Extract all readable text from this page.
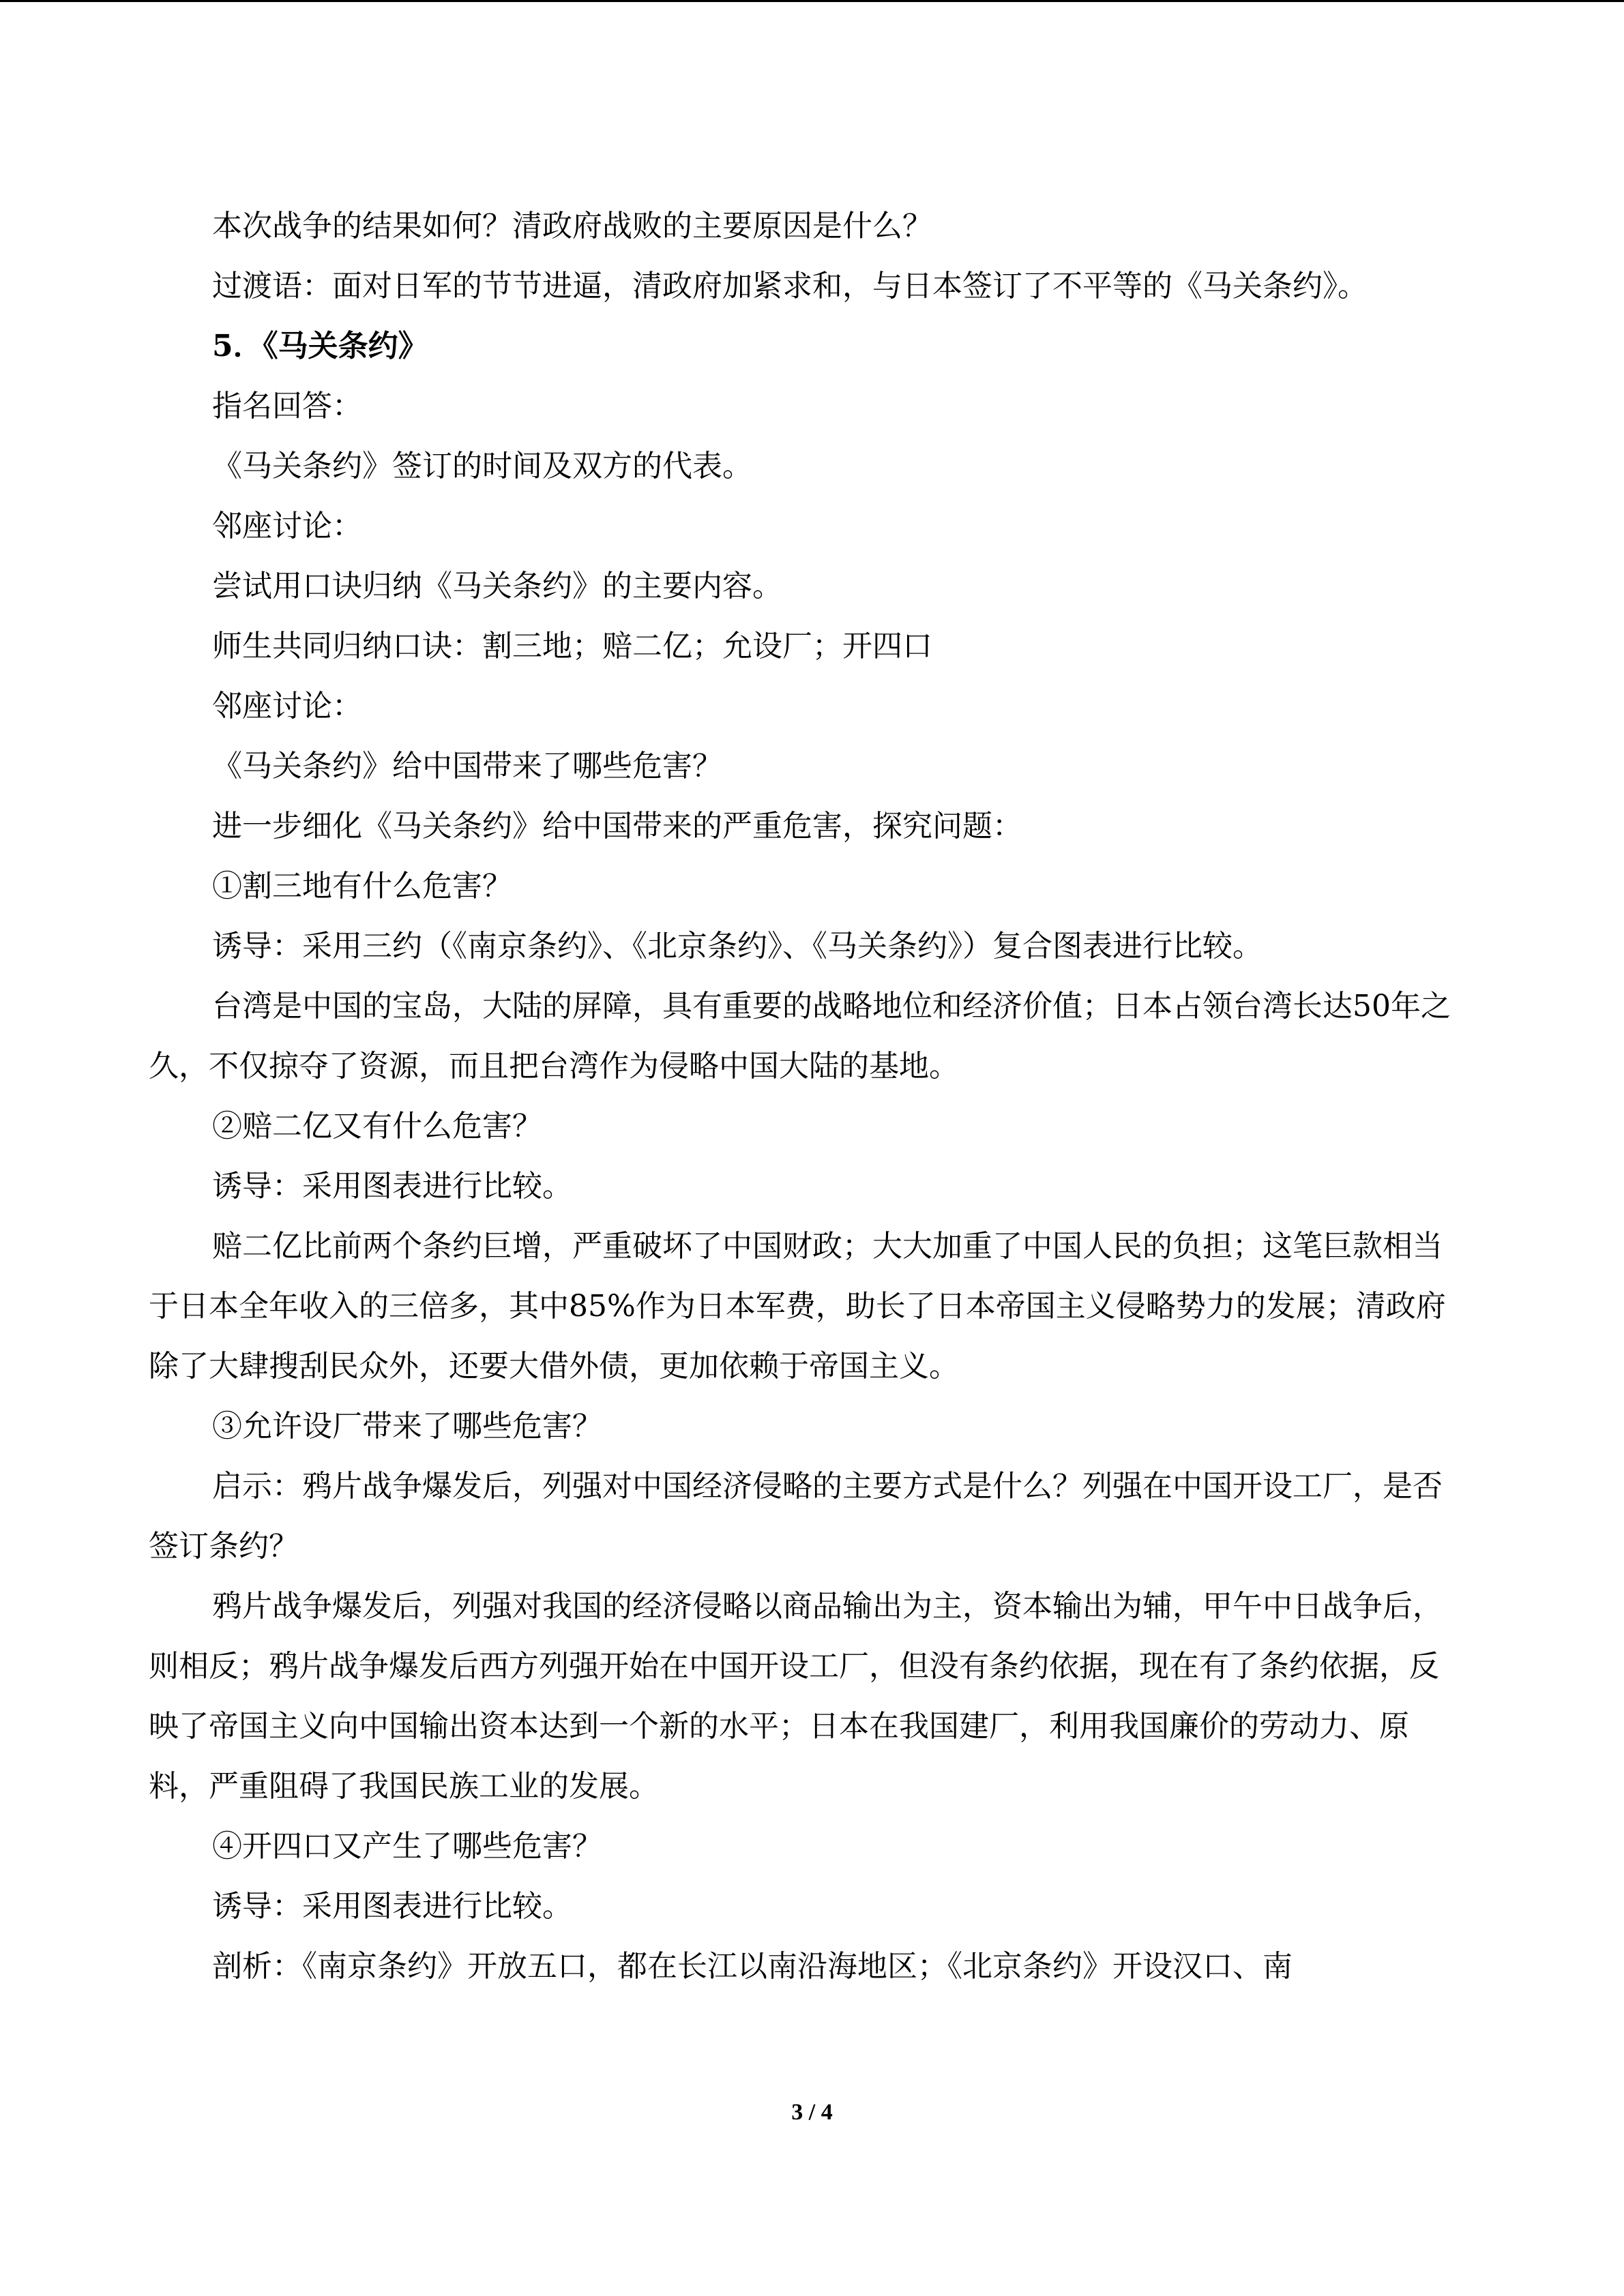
本次战争的结果如何？清政府战败的主要原因是什么？

过渡语：面对日军的节节进逼，清政府加紧求和，与日本签订了不平等的《马关条约》。

5．《马关条约》

指名回答：

《马关条约》签订的时间及双方的代表。

邻座讨论：

尝试用口诀归纳《马关条约》的主要内容。

师生共同归纳口诀：割三地；赔二亿；允设厂；开四口

邻座讨论：

《马关条约》给中国带来了哪些危害？

进一步细化《马关条约》给中国带来的严重危害，探究问题：

①割三地有什么危害？

诱导：采用三约（《南京条约》、《北京条约》、《马关条约》）复合图表进行比较。

台湾是中国的宝岛，大陆的屏障，具有重要的战略地位和经济价值；日本占领台湾长达50年之久，不仅掠夺了资源，而且把台湾作为侵略中国大陆的基地。

②赔二亿又有什么危害？

诱导：采用图表进行比较。

赔二亿比前两个条约巨增，严重破坏了中国财政；大大加重了中国人民的负担；这笔巨款相当于日本全年收入的三倍多，其中85%作为日本军费，助长了日本帝国主义侵略势力的发展；清政府除了大肆搜刮民众外，还要大借外债，更加依赖于帝国主义。

③允许设厂带来了哪些危害？

启示：鸦片战争爆发后，列强对中国经济侵略的主要方式是什么？列强在中国开设工厂，是否签订条约？

鸦片战争爆发后，列强对我国的经济侵略以商品输出为主，资本输出为辅，甲午中日战争后，则相反；鸦片战争爆发后西方列强开始在中国开设工厂，但没有条约依据，现在有了条约依据，反映了帝国主义向中国输出资本达到一个新的水平；日本在我国建厂，利用我国廉价的劳动力、原料，严重阻碍了我国民族工业的发展。

④开四口又产生了哪些危害？

诱导：采用图表进行比较。

剖析：《南京条约》开放五口，都在长江以南沿海地区；《北京条约》开设汉口、南

3 / 4
